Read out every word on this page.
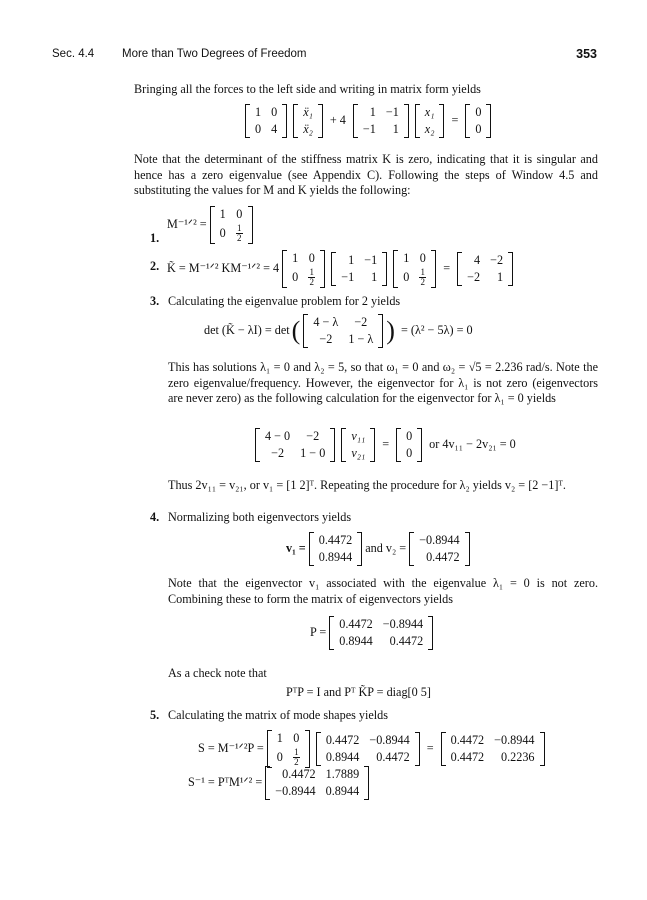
Sec. 4.4 More than Two Degrees of Freedom	353
Bringing all the forces to the left side and writing in matrix form yields
1	0
0	4
ẍ₁
ẍ₂
+ 4
1	−1
−1	1
x₁
x₂
=
0
0
Note that the determinant of the stiffness matrix K is zero, indicating that it is singular and hence has a zero eigenvalue (see Appendix C). Following the steps of Window 4.5 and substituting the values for M and K yields the following:
1.
M⁻¹ᐟ² =
1	0
0	$\frac{1}{2}$
2. K̃ = M⁻¹ᐟ² KM⁻¹ᐟ² = 4
1	0
0	$\frac{1}{2}$
1	−1
−1	1
1	0
0	$\frac{1}{2}$ =
4	−2
−2	1
3. Calculating the eigenvalue problem for 2 yields
det (K̃ − λI) = det ( 4 − λ	−2
−2	1 − λ ) = (λ² − 5λ) = 0
This has solutions λ₁ = 0 and λ₂ = 5, so that ω₁ = 0 and ω₂ = √5 = 2.236 rad/s. Note the zero eigenvalue/frequency. However, the eigenvector for λ₁ is not zero (eigenvectors are never zero) as the following calculation for the eigenvector for λ₁ = 0 yields
4 − 0	−2
−2	1 − 0
v₁₁
v₂₁
=
0
0
or 4v₁₁ − 2v₂₁ = 0
Thus 2v₁₁ = v₂₁, or v₁ = [1 2]ᵀ. Repeating the procedure for λ₂ yields v₂ = [2 −1]ᵀ.
4. Normalizing both eigenvectors yields
v₁ =
0.4472
0.8944
and v₂ =
−0.8944
0.4472
Note that the eigenvector v₁ associated with the eigenvalue λ₁ = 0 is not zero. Combining these to form the matrix of eigenvectors yields
P =
0.4472	−0.8944
0.8944	0.4472
As a check note that
PᵀP = I and Pᵀ K̃P = diag[0 5]
5. Calculating the matrix of mode shapes yields
S = M⁻¹ᐟ²P =
1	0
0	$\frac{1}{2}$
0.4472	−0.8944
0.8944	0.4472
=
0.4472	−0.8944
0.4472	0.2236
S⁻¹ = PᵀM¹ᐟ² =
0.4472	1.7889
−0.8944	0.8944
